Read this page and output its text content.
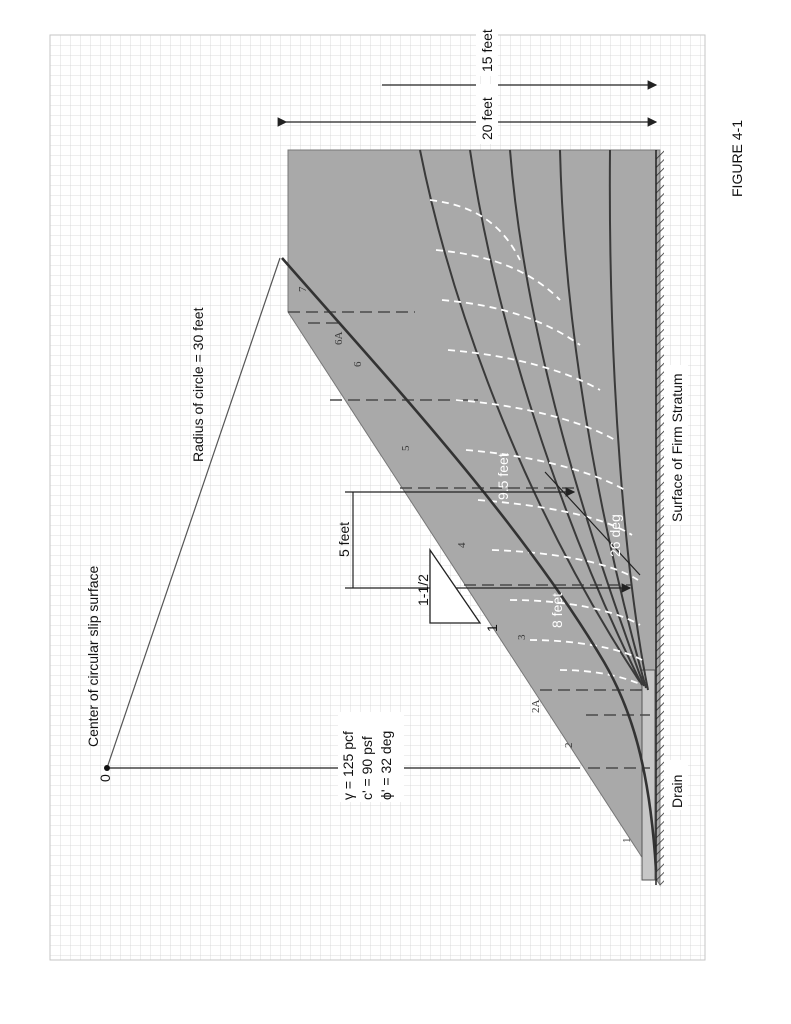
Center of circular slip surface
0
Radius of circle = 30 feet
γ = 125 pcf c' = 90 psf ϕ' = 32 deg	Drain
Surface of Firm Stratum
20 feet
15 feet
5 feet
9.5 feet
8 feet
26 deg
1-1/2
1
1
2
2A
3
4
5
6
6A
7
FIGURE 4-1
